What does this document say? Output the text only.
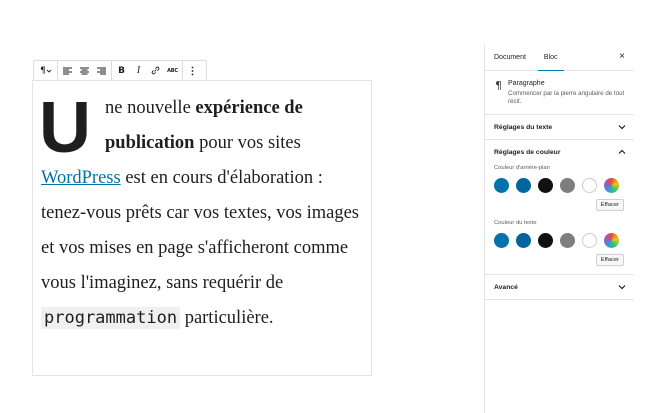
¶	B	I	ABC

Une nouvelle expérience de publication pour vos sites WordPress est en cours d'élaboration : tenez-vous prêts car vos textes, vos images et vos mises en page s'afficheront comme vous l'imaginez, sans requérir de programmation particulière.

Document	Bloc	×
¶ Paragraphe
Commencer par la pierre angulaire de tout récit.
Réglages du texte
Réglages de couleur
Couleur d'arrière-plan
Effacer
Couleur du texte
Effacer
Avancé
